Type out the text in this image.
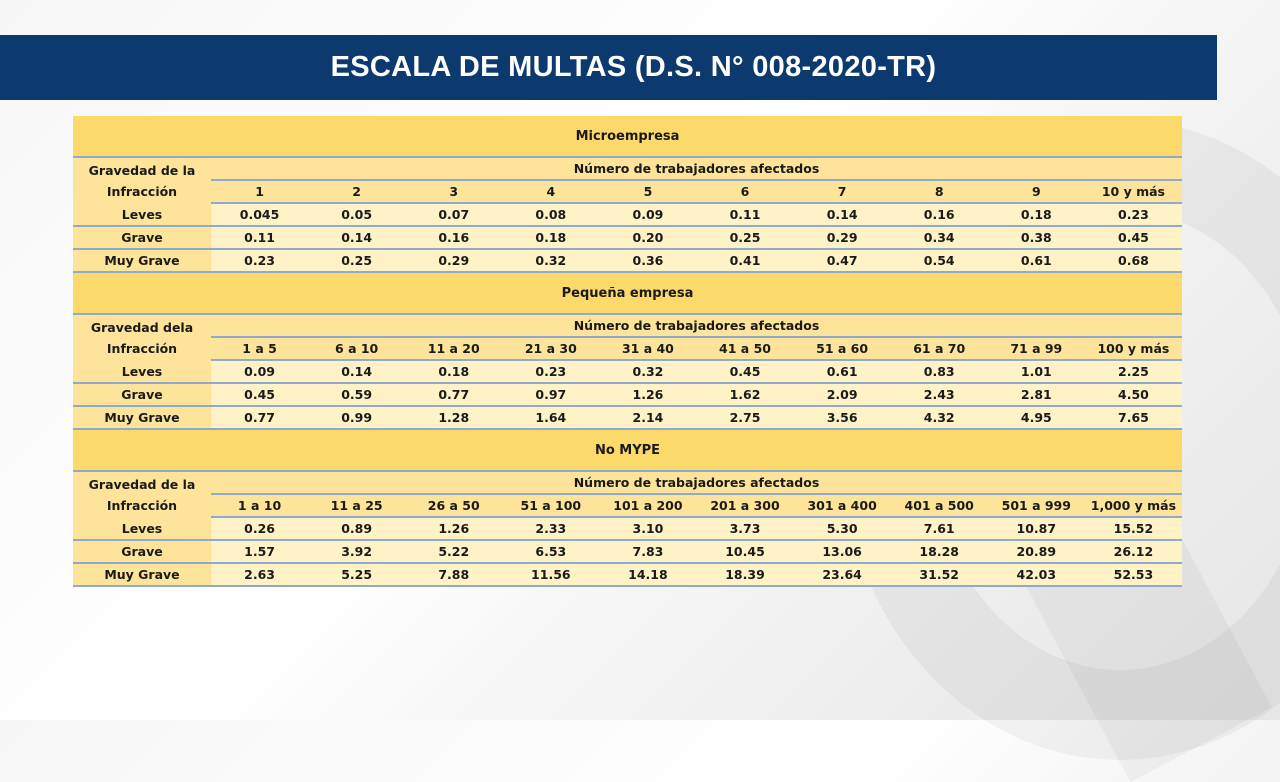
ESCALA DE MULTAS (D.S. N° 008-2020-TR)
Microempresa										

Gravedad de la
Infracción	Número de trabajadores afectados									
	1	2	3	4	5	6	7	8	9	10 y más
Leves	0.045	0.05	0.07	0.08	0.09	0.11	0.14	0.16	0.18	0.23
Grave	0.11	0.14	0.16	0.18	0.20	0.25	0.29	0.34	0.38	0.45
Muy Grave	0.23	0.25	0.29	0.32	0.36	0.41	0.47	0.54	0.61	0.68
Pequeña empresa										

Gravedad dela
Infracción	Número de trabajadores afectados									
	1 a 5	6 a 10	11 a 20	21 a 30	31 a 40	41 a 50	51 a 60	61 a 70	71 a 99	100 y más
Leves	0.09	0.14	0.18	0.23	0.32	0.45	0.61	0.83	1.01	2.25
Grave	0.45	0.59	0.77	0.97	1.26	1.62	2.09	2.43	2.81	4.50
Muy Grave	0.77	0.99	1.28	1.64	2.14	2.75	3.56	4.32	4.95	7.65
No MYPE										

Gravedad de la
Infracción	Número de trabajadores afectados									
	1 a 10	11 a 25	26 a 50	51 a 100	101 a 200	201 a 300	301 a 400	401 a 500	501 a 999	1,000 y más
Leves	0.26	0.89	1.26	2.33	3.10	3.73	5.30	7.61	10.87	15.52
Grave	1.57	3.92	5.22	6.53	7.83	10.45	13.06	18.28	20.89	26.12
Muy Grave	2.63	5.25	7.88	11.56	14.18	18.39	23.64	31.52	42.03	52.53
